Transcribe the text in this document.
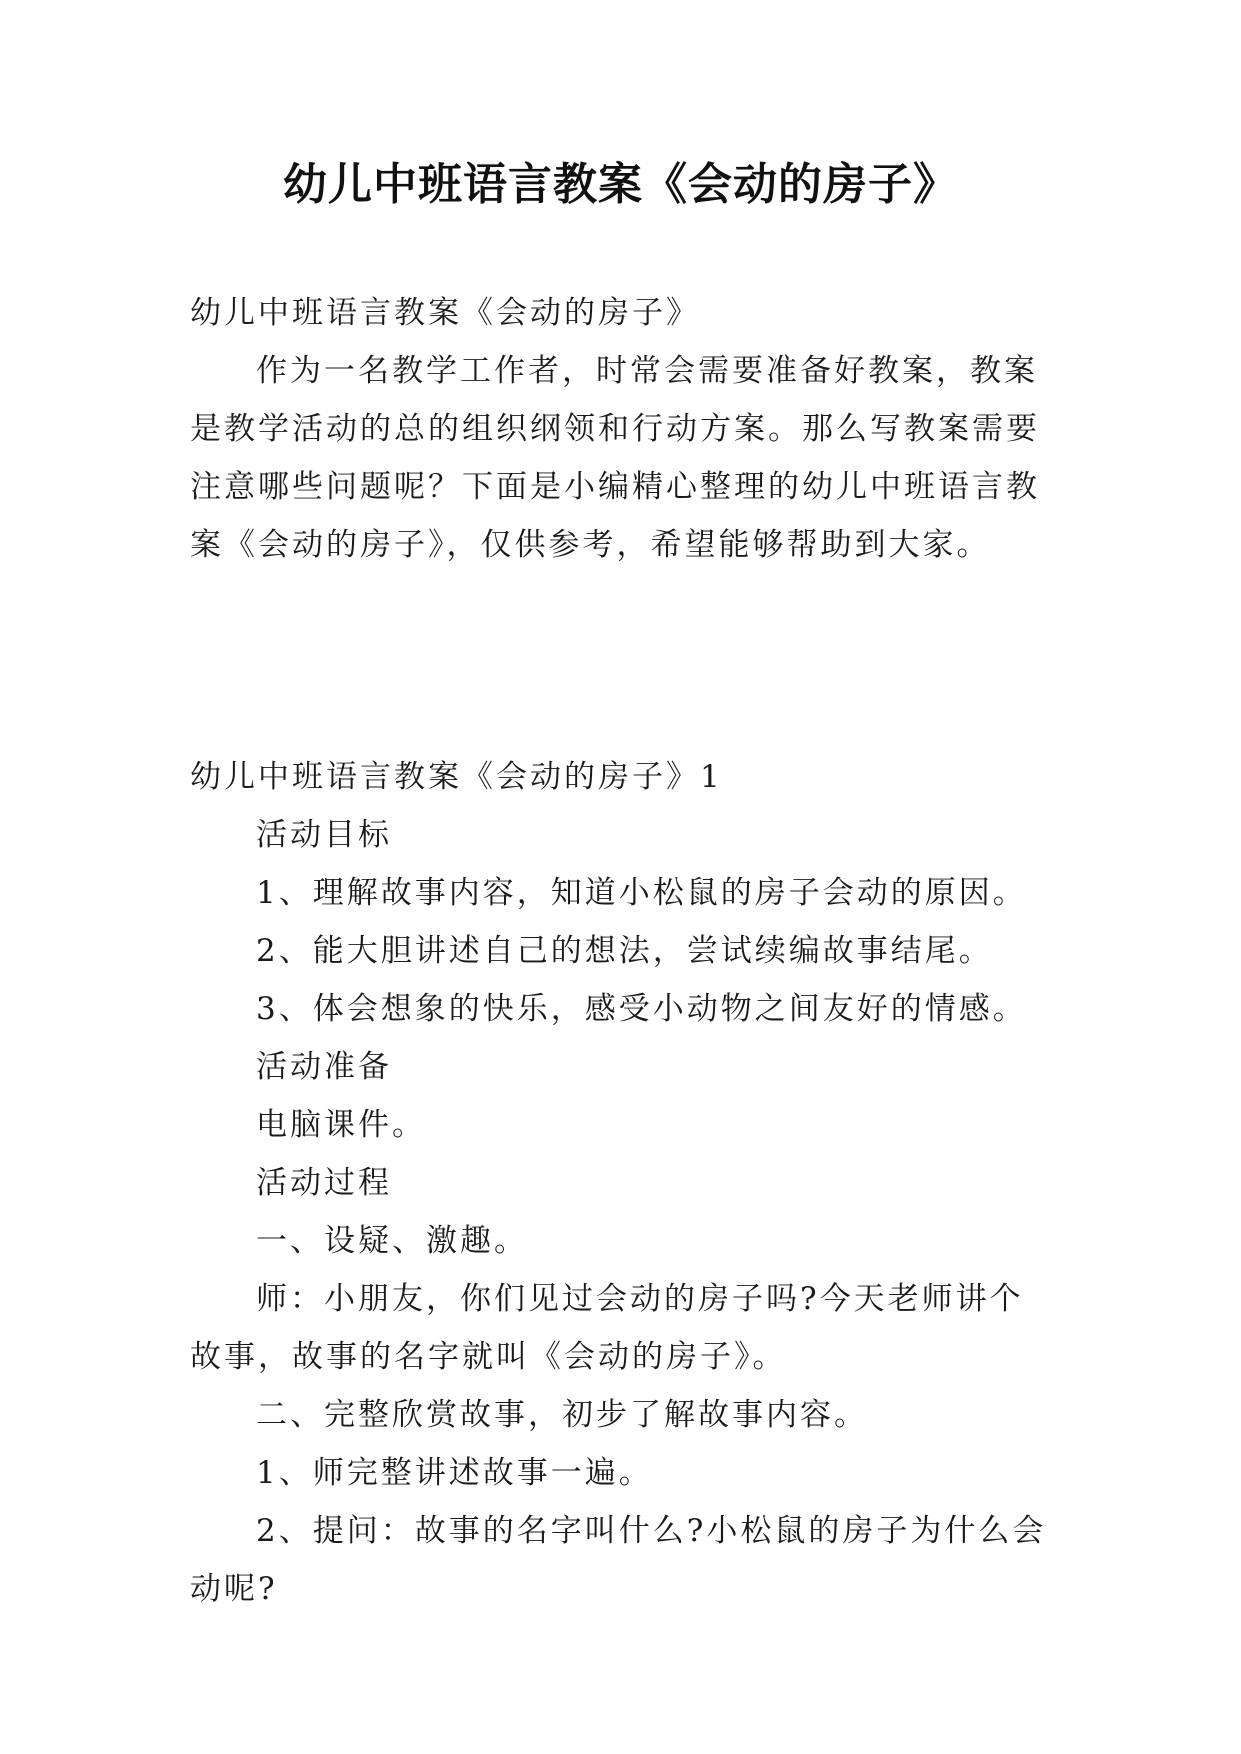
幼儿中班语言教案《会动的房子》

幼儿中班语言教案《会动的房子》

作为一名教学工作者，时常会需要准备好教案，教案是教学活动的总的组织纲领和行动方案。那么写教案需要注意哪些问题呢？下面是小编精心整理的幼儿中班语言教案《会动的房子》，仅供参考，希望能够帮助到大家。

幼儿中班语言教案《会动的房子》1

活动目标

1、理解故事内容，知道小松鼠的房子会动的原因。

2、能大胆讲述自己的想法，尝试续编故事结尾。

3、体会想象的快乐，感受小动物之间友好的情感。

活动准备

电脑课件。

活动过程

一、设疑、激趣。

师：小朋友，你们见过会动的房子吗?今天老师讲个故事，故事的名字就叫《会动的房子》。

二、完整欣赏故事，初步了解故事内容。

1、师完整讲述故事一遍。

2、提问：故事的名字叫什么?小松鼠的房子为什么会动呢?
